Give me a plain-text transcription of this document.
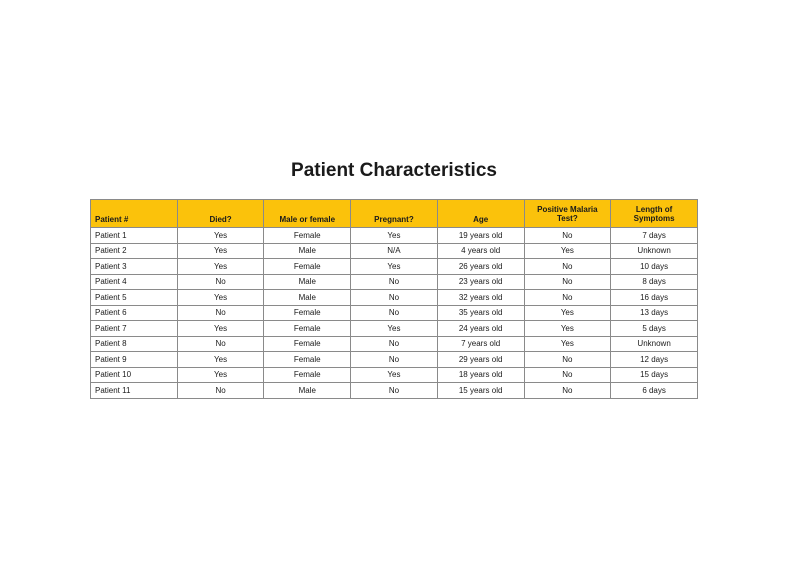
Patient Characteristics
Patient #	Died?	Male or female	Pregnant?	Age	Positive Malaria Test?	Length of Symptoms
Patient 1	Yes	Female	Yes	19 years old	No	7 days
Patient 2	Yes	Male	N/A	4 years old	Yes	Unknown
Patient 3	Yes	Female	Yes	26 years old	No	10 days
Patient 4	No	Male	No	23 years old	No	8 days
Patient 5	Yes	Male	No	32 years old	No	16 days
Patient 6	No	Female	No	35 years old	Yes	13 days
Patient 7	Yes	Female	Yes	24 years old	Yes	5 days
Patient 8	No	Female	No	7 years old	Yes	Unknown
Patient 9	Yes	Female	No	29 years old	No	12 days
Patient 10	Yes	Female	Yes	18 years old	No	15 days
Patient 11	No	Male	No	15 years old	No	6 days
